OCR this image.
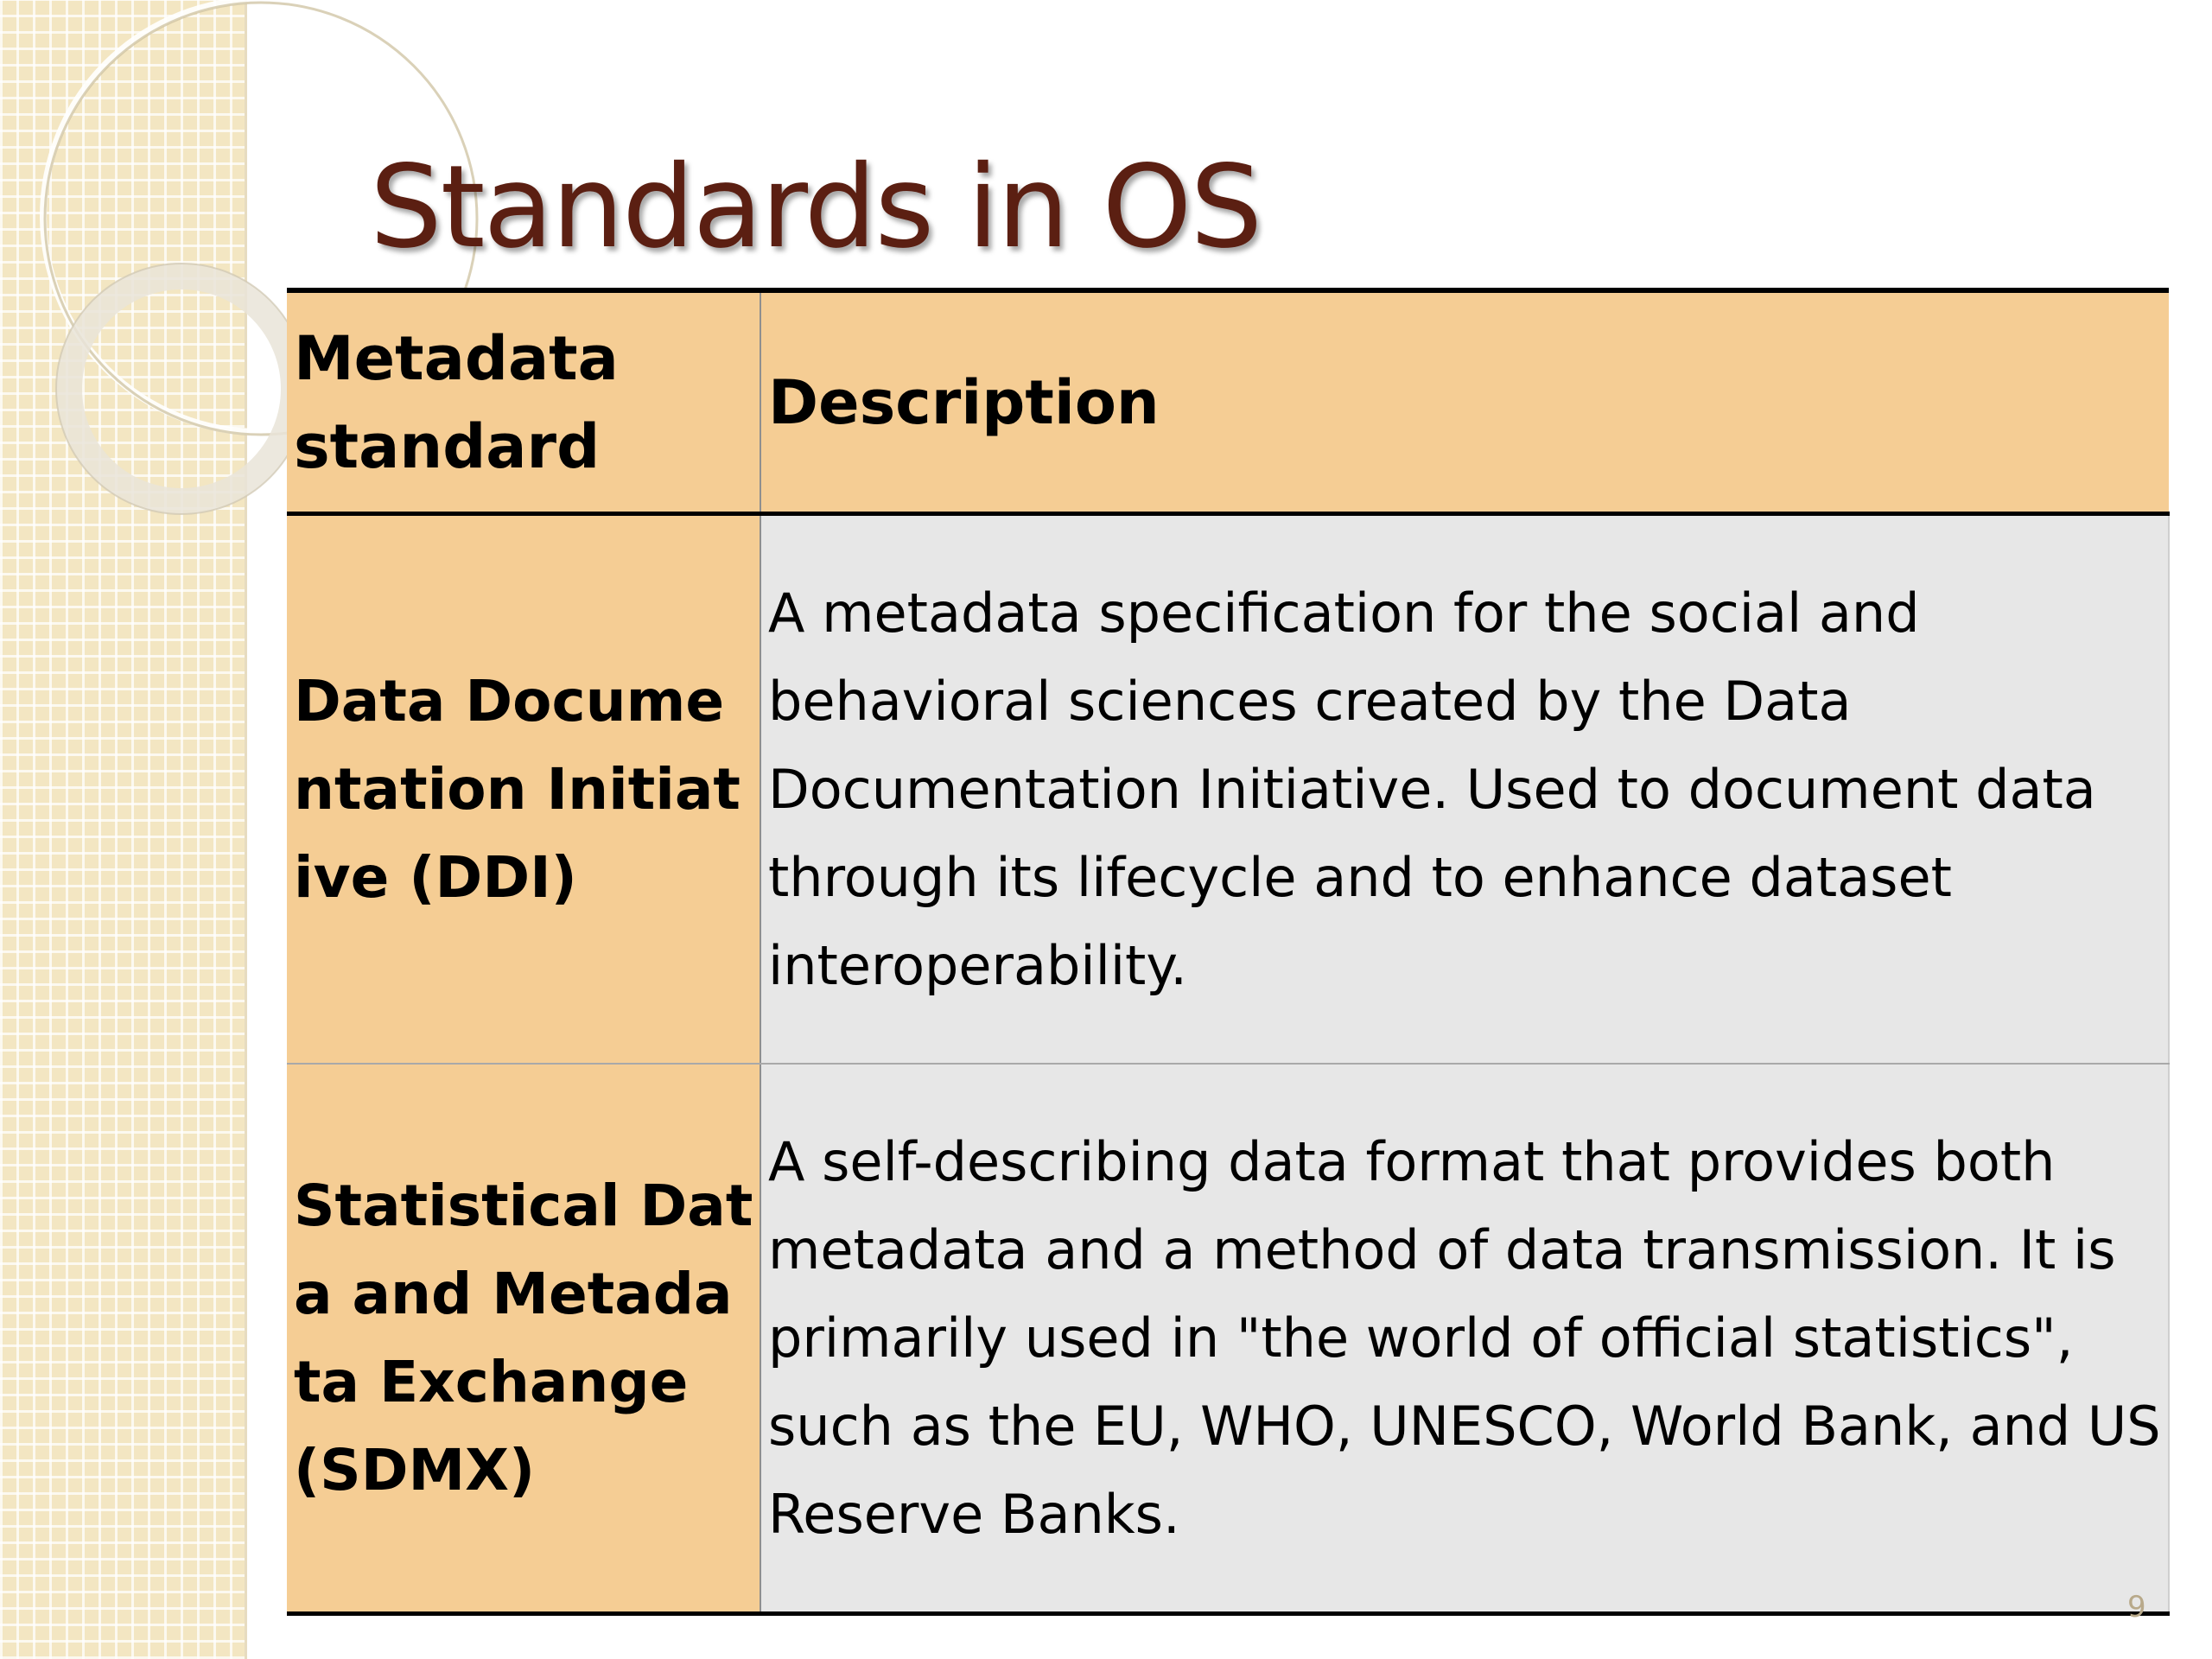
Standards in OS
Metadata standard	Description
Data Documentation Initiative (DDI)	A metadata specification for the social and behavioral sciences created by the Data Documentation Initiative. Used to document data through its lifecycle and to enhance dataset interoperability.
Statistical Data and Metadata Exchange (SDMX)	A self-describing data format that provides both metadata and a method of data transmission. It is primarily used in "the world of official statistics", such as the EU, WHO, UNESCO, World Bank, and US Reserve Banks.
9
